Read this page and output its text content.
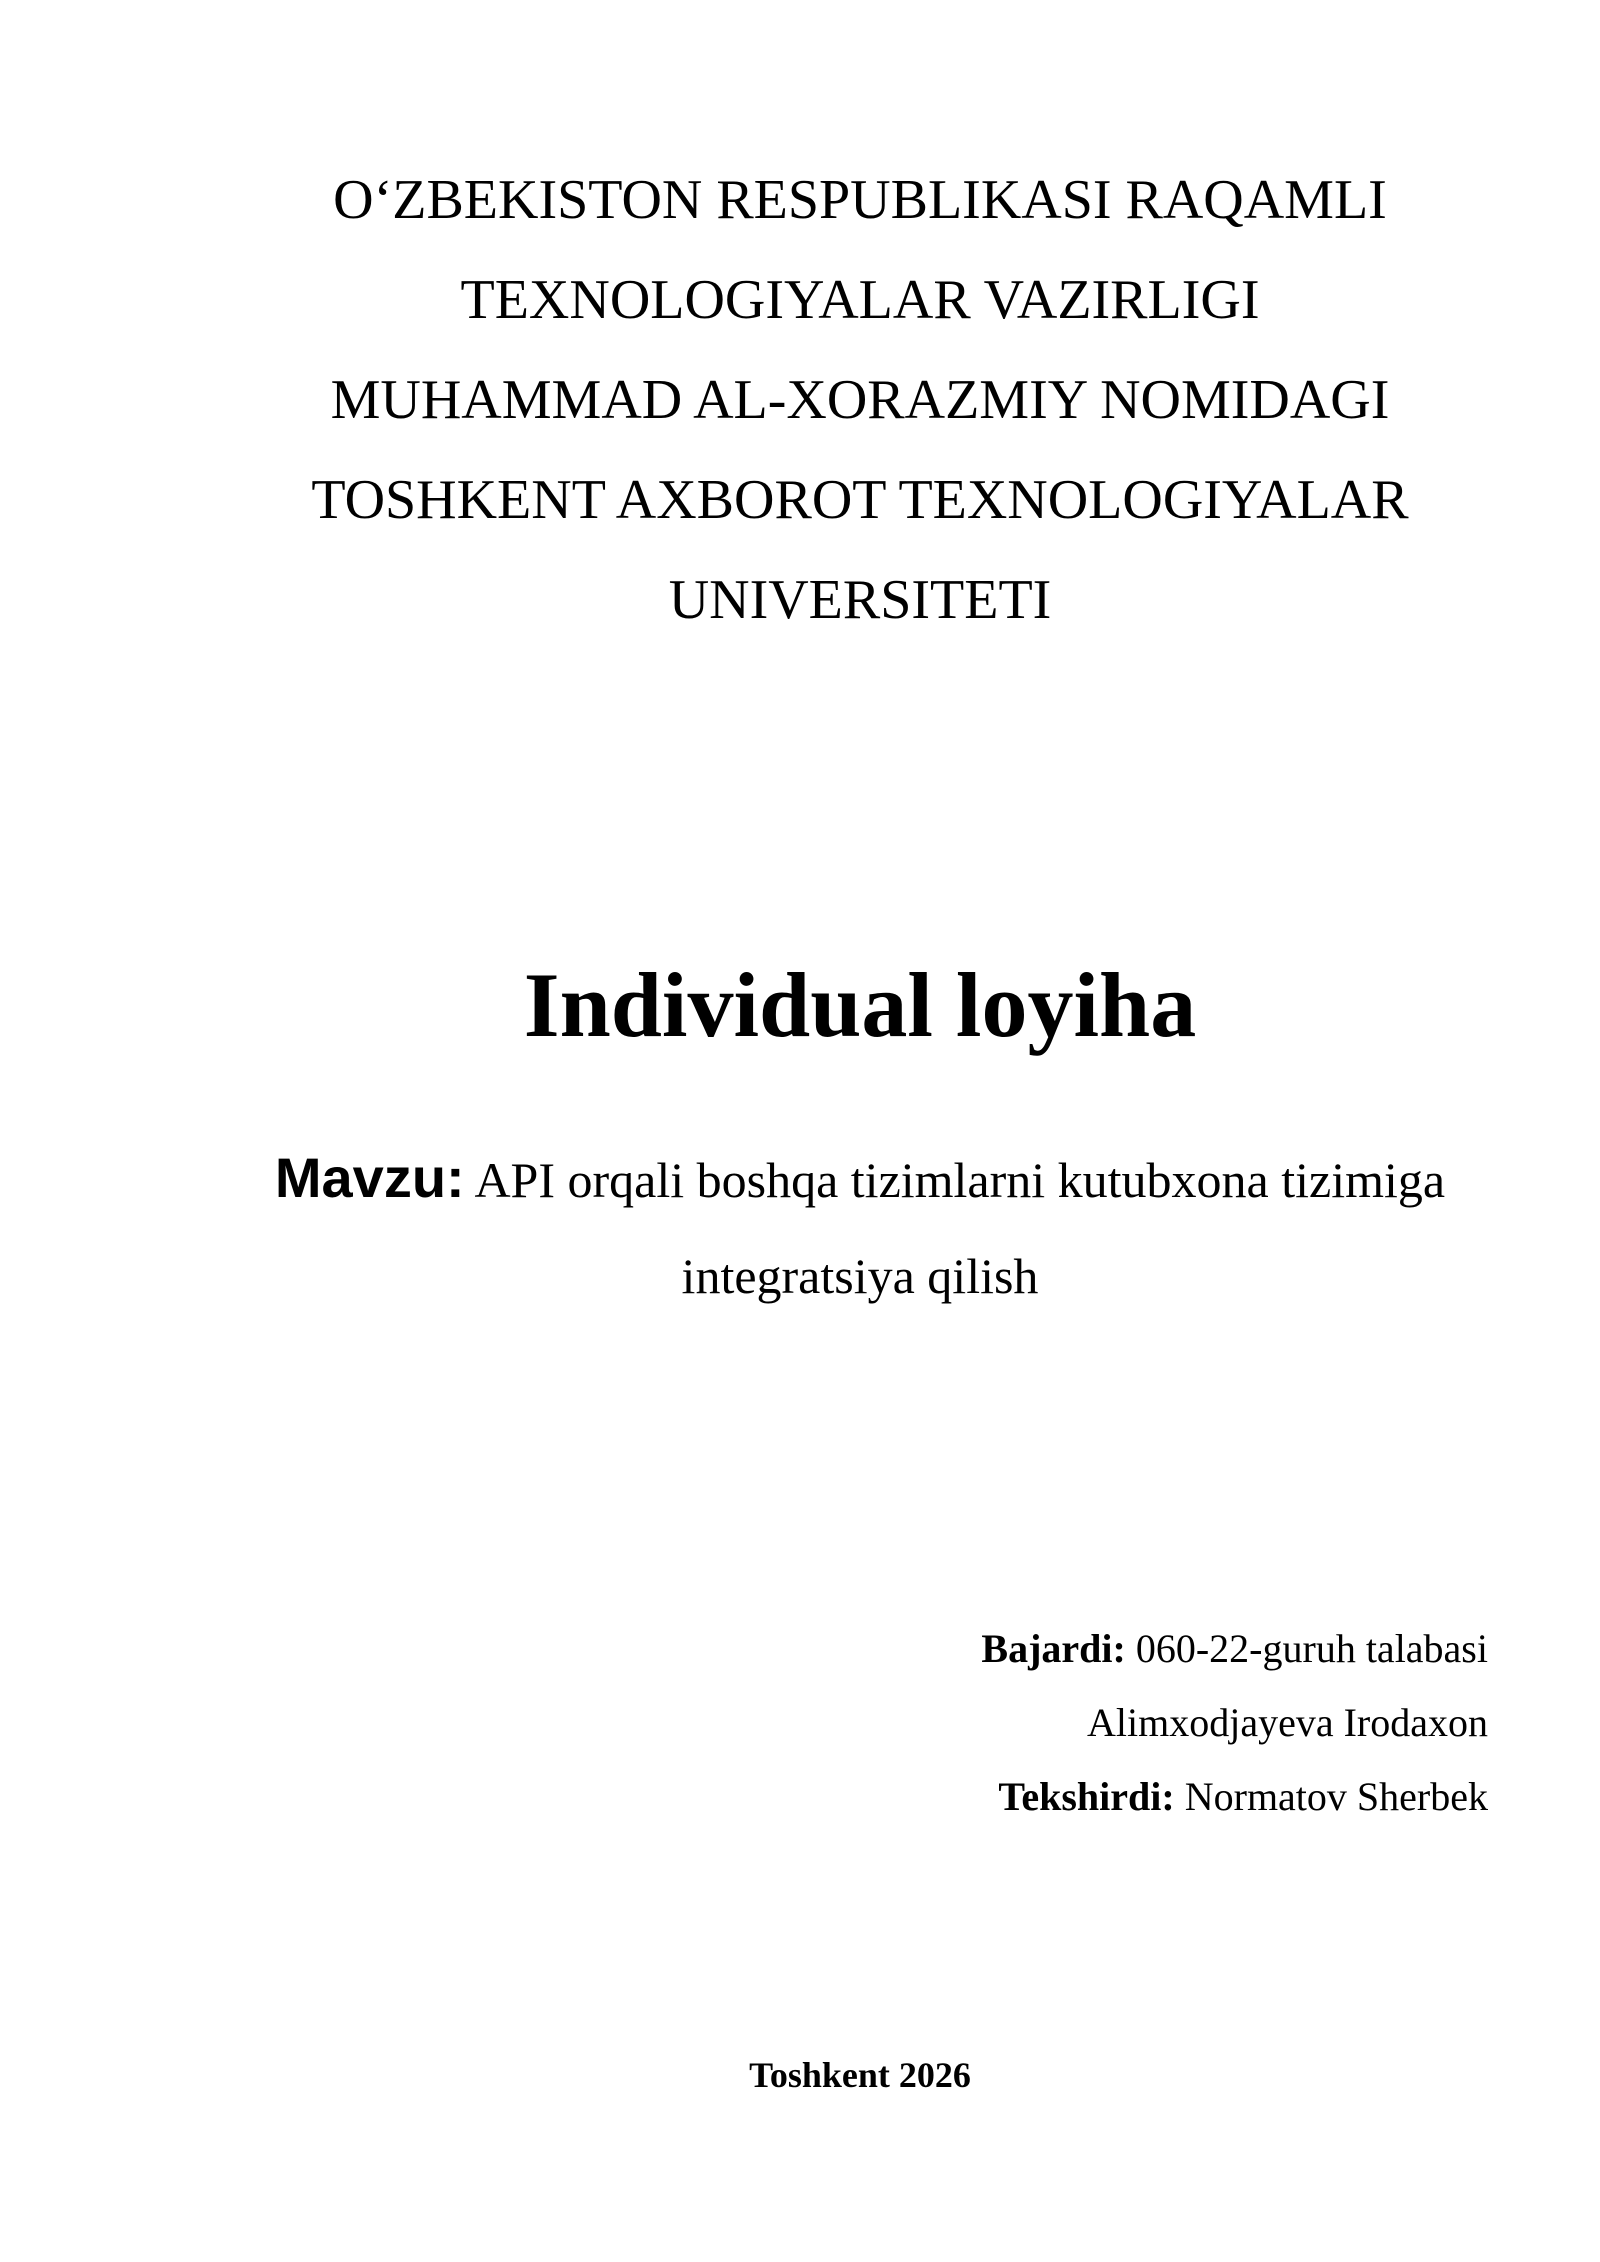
O‘ZBEKISTON RESPUBLIKASI RAQAMLI
TEXNOLOGIYALAR VAZIRLIGI
MUHAMMAD AL-XORAZMIY NOMIDAGI
TOSHKENT AXBOROT TEXNOLOGIYALAR
UNIVERSITETI

Individual loyiha

Mavzu: API orqali boshqa tizimlarni kutubxona tizimiga
integratsiya qilish

Bajardi: 060-22-guruh talabasi
Alimxodjayeva Irodaxon
Tekshirdi: Normatov Sherbek
Toshkent 2026
